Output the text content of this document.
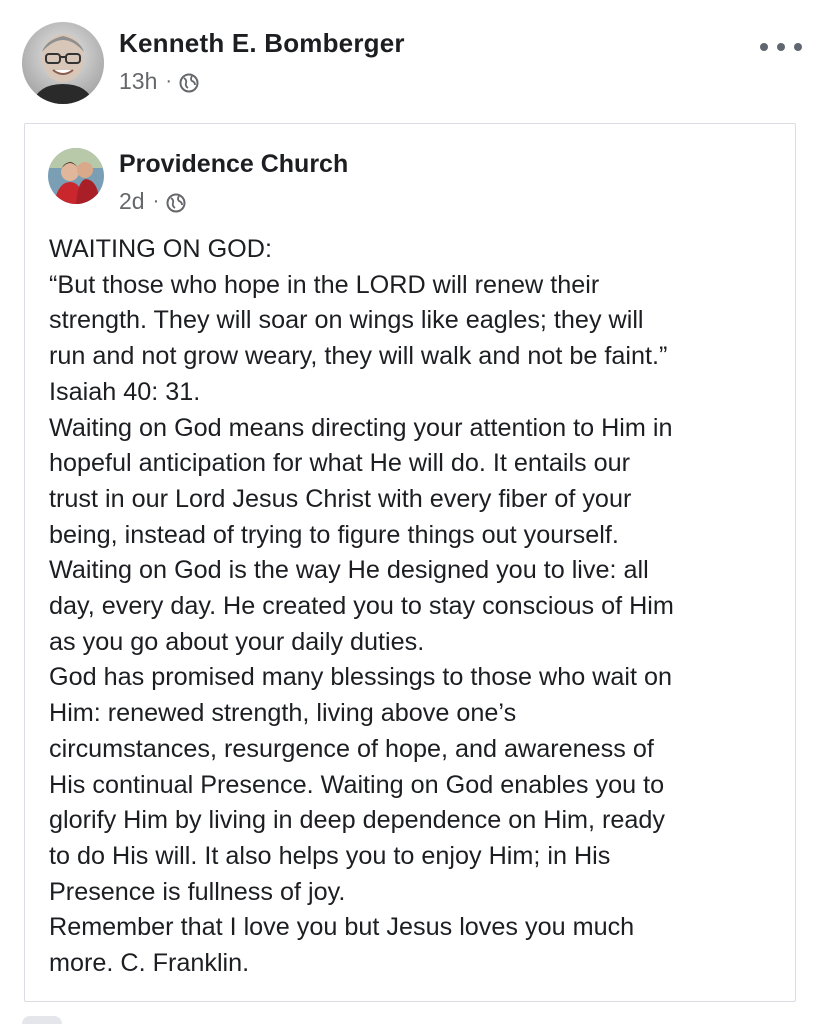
Kenneth E. Bomberger
13h ·
Providence Church
2d ·

WAITING ON GOD:

“But those who hope in the LORD will renew their

strength. They will soar on wings like eagles; they will

run and not grow weary, they will walk and not be faint.”

Isaiah 40: 31.

Waiting on God means directing your attention to Him in

hopeful anticipation for what He will do. It entails our

trust in our Lord Jesus Christ with every fiber of your

being, instead of trying to figure things out yourself.

Waiting on God is the way He designed you to live: all

day, every day. He created you to stay conscious of Him

as you go about your daily duties.

God has promised many blessings to those who wait on

Him: renewed strength, living above one’s

circumstances, resurgence of hope, and awareness of

His continual Presence. Waiting on God enables you to

glorify Him by living in deep dependence on Him, ready

to do His will. It also helps you to enjoy Him; in His

Presence is fullness of joy.

Remember that I love you but Jesus loves you much

more. C. Franklin.
